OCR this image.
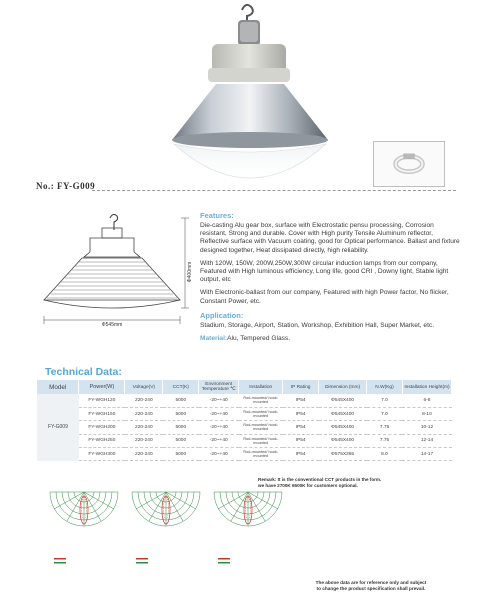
No.: FY-G009
Φ400mm
Φ545mm
Features:

Die-casting Alu gear box, surface with Electrostatic pensu processing, Corrosion resistant, Strong and durable. Cover with High purity Tensile Aluminum reflector, Reflective surface with Vacuum coating, good for Optical performance. Ballast and fixture designed together, Heat dissipated directly, high reliability.

With 120W, 150W, 200W,250W,300W circular induction lamps from our company, Featured with High luminous efficiency, Long life, good CRI , Downy light, Stable light output, etc

With Electronic-ballast from our company, Featured with high Power factor, No flicker, Constant Power, etc.

Application:

Stadium, Storage, Airport, Station, Workshop, Exhibition Hall, Super Market, etc.

Material:Alu, Tempered Glass.

Technical Data:
Model	Power(W)	Voltage(V)	CCT(K)	Environment Temperature ℃	Installation	IP Rating	Dimension (mm)	N.W(Kg)	Installation Height(m)
FY-G009	FY-WGH120	220-240	5000	-20~+40	Rod-mounted/ hook-mounted	IP54	Φ545X400	7.0	6-8
	FY-WGH150	220-240	5000	-20~+40	Rod-mounted/ hook-mounted	IP54	Φ545X400	7.0	8-10
	FY-WGH200	220-240	5000	-20~+40	Rod-mounted/ hook-mounted	IP54	Φ545X400	7.75	10-12
	FY-WGH250	220-240	5000	-20~+40	Rod-mounted/ hook-mounted	IP54	Φ545X400	7.75	12-14
	FY-WGH300	220-240	5000	-20~+40	Rod-mounted/ hook-mounted	IP54	Φ575X365	8.0	14-17
Remark: It is the conventional CCT products in the form.
we have 2700K 6500K for customers optional.
The above data are for reference only and subject
to change the product specification shall prevail.
